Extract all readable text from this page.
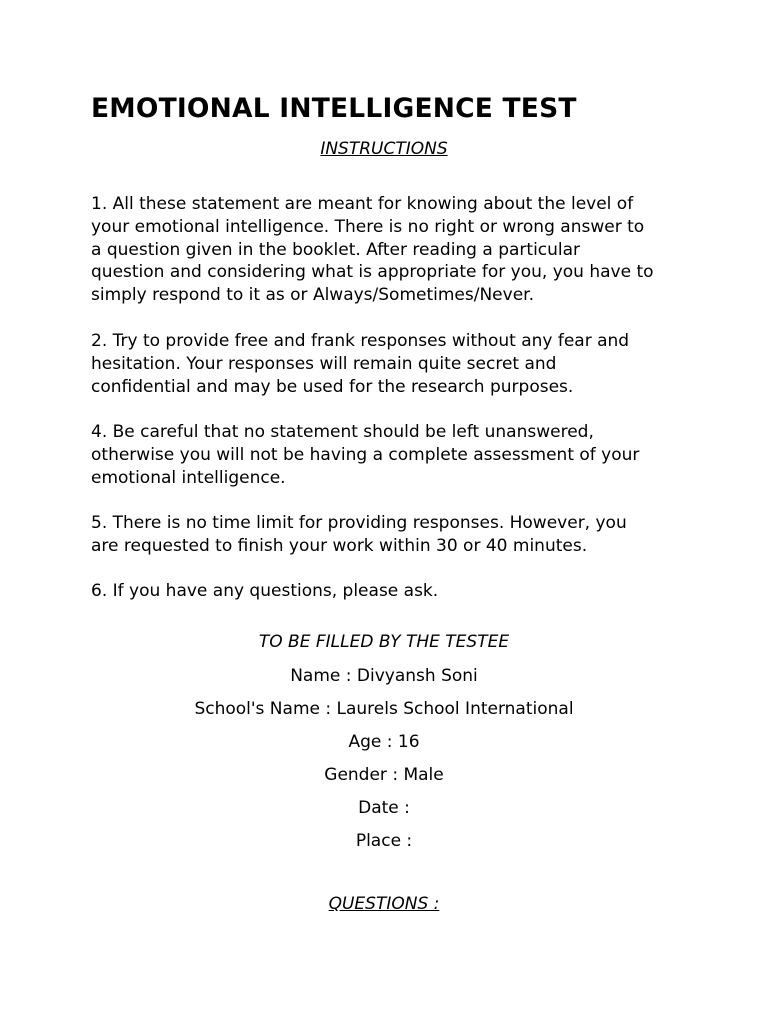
EMOTIONAL INTELLIGENCE TEST
INSTRUCTIONS
1. All these statement are meant for knowing about the level of
your emotional intelligence. There is no right or wrong answer to
a question given in the booklet. After reading a particular
question and considering what is appropriate for you, you have to
simply respond to it as or Always/Sometimes/Never.
2. Try to provide free and frank responses without any fear and
hesitation. Your responses will remain quite secret and
confidential and may be used for the research purposes.
4. Be careful that no statement should be left unanswered,
otherwise you will not be having a complete assessment of your
emotional intelligence.
5. There is no time limit for providing responses. However, you
are requested to finish your work within 30 or 40 minutes.
6. If you have any questions, please ask.
TO BE FILLED BY THE TESTEE
Name : Divyansh Soni
School's Name : Laurels School International
Age : 16
Gender : Male
Date :
Place :
QUESTIONS :
